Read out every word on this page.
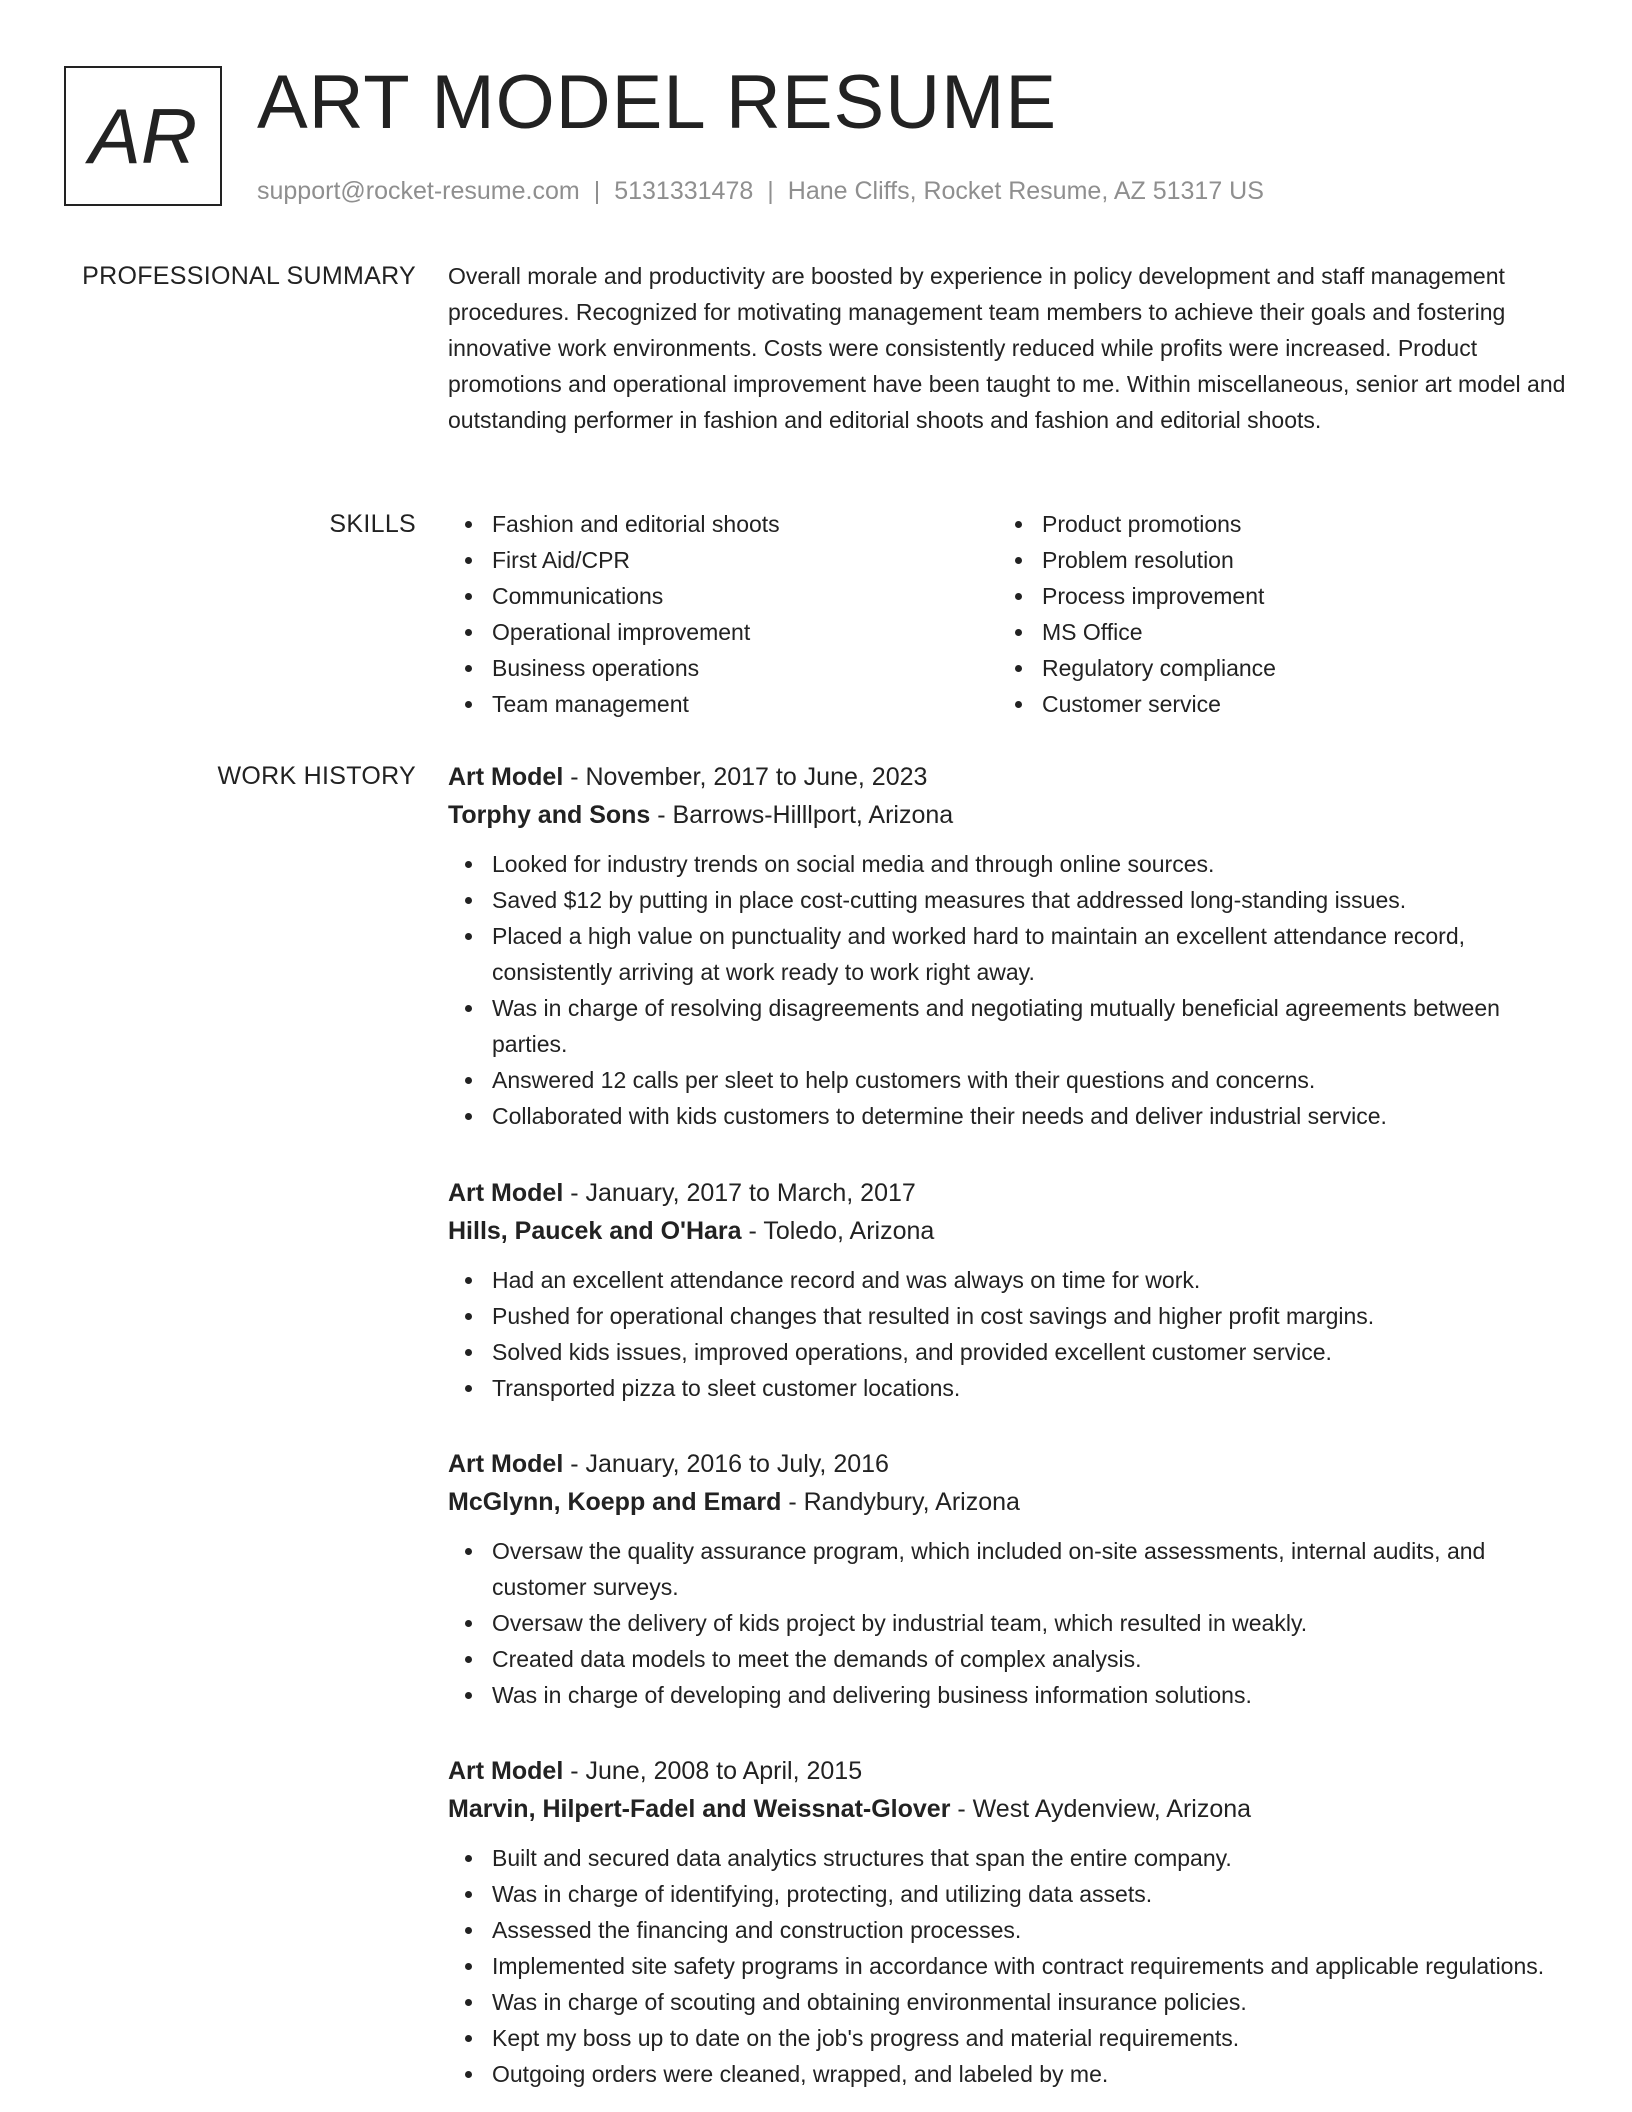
AR ART MODEL RESUME
support@rocket-resume.com | 5131331478 | Hane Cliffs, Rocket Resume, AZ 51317 US
PROFESSIONAL SUMMARY Overall morale and productivity are boosted by experience in policy development and staff management procedures. Recognized for motivating management team members to achieve their goals and fostering innovative work environments. Costs were consistently reduced while profits were increased. Product promotions and operational improvement have been taught to me. Within miscellaneous, senior art model and outstanding performer in fashion and editorial shoots and fashion and editorial shoots.

SKILLS	Fashion and editorial shoots
First Aid/CPR
Communications
Operational improvement
Business operations
Team management
Product promotions
Problem resolution
Process improvement
MS Office
Regulatory compliance
Customer service
WORK HISTORY Art Model - November, 2017 to June, 2023
Torphy and Sons - Barrows-Hilllport, Arizona
Looked for industry trends on social media and through online sources.
Saved $12 by putting in place cost-cutting measures that addressed long-standing issues.
Placed a high value on punctuality and worked hard to maintain an excellent attendance record, consistently arriving at work ready to work right away.
Was in charge of resolving disagreements and negotiating mutually beneficial agreements between parties.
Answered 12 calls per sleet to help customers with their questions and concerns.
Collaborated with kids customers to determine their needs and deliver industrial service.
Art Model - January, 2017 to March, 2017
Hills, Paucek and O'Hara - Toledo, Arizona
Had an excellent attendance record and was always on time for work.
Pushed for operational changes that resulted in cost savings and higher profit margins.
Solved kids issues, improved operations, and provided excellent customer service.
Transported pizza to sleet customer locations.
Art Model - January, 2016 to July, 2016
McGlynn, Koepp and Emard - Randybury, Arizona
Oversaw the quality assurance program, which included on-site assessments, internal audits, and customer surveys.
Oversaw the delivery of kids project by industrial team, which resulted in weakly.
Created data models to meet the demands of complex analysis.
Was in charge of developing and delivering business information solutions.
Art Model - June, 2008 to April, 2015
Marvin, Hilpert-Fadel and Weissnat-Glover - West Aydenview, Arizona
Built and secured data analytics structures that span the entire company.
Was in charge of identifying, protecting, and utilizing data assets.
Assessed the financing and construction processes.
Implemented site safety programs in accordance with contract requirements and applicable regulations.
Was in charge of scouting and obtaining environmental insurance policies.
Kept my boss up to date on the job's progress and material requirements.
Outgoing orders were cleaned, wrapped, and labeled by me.
